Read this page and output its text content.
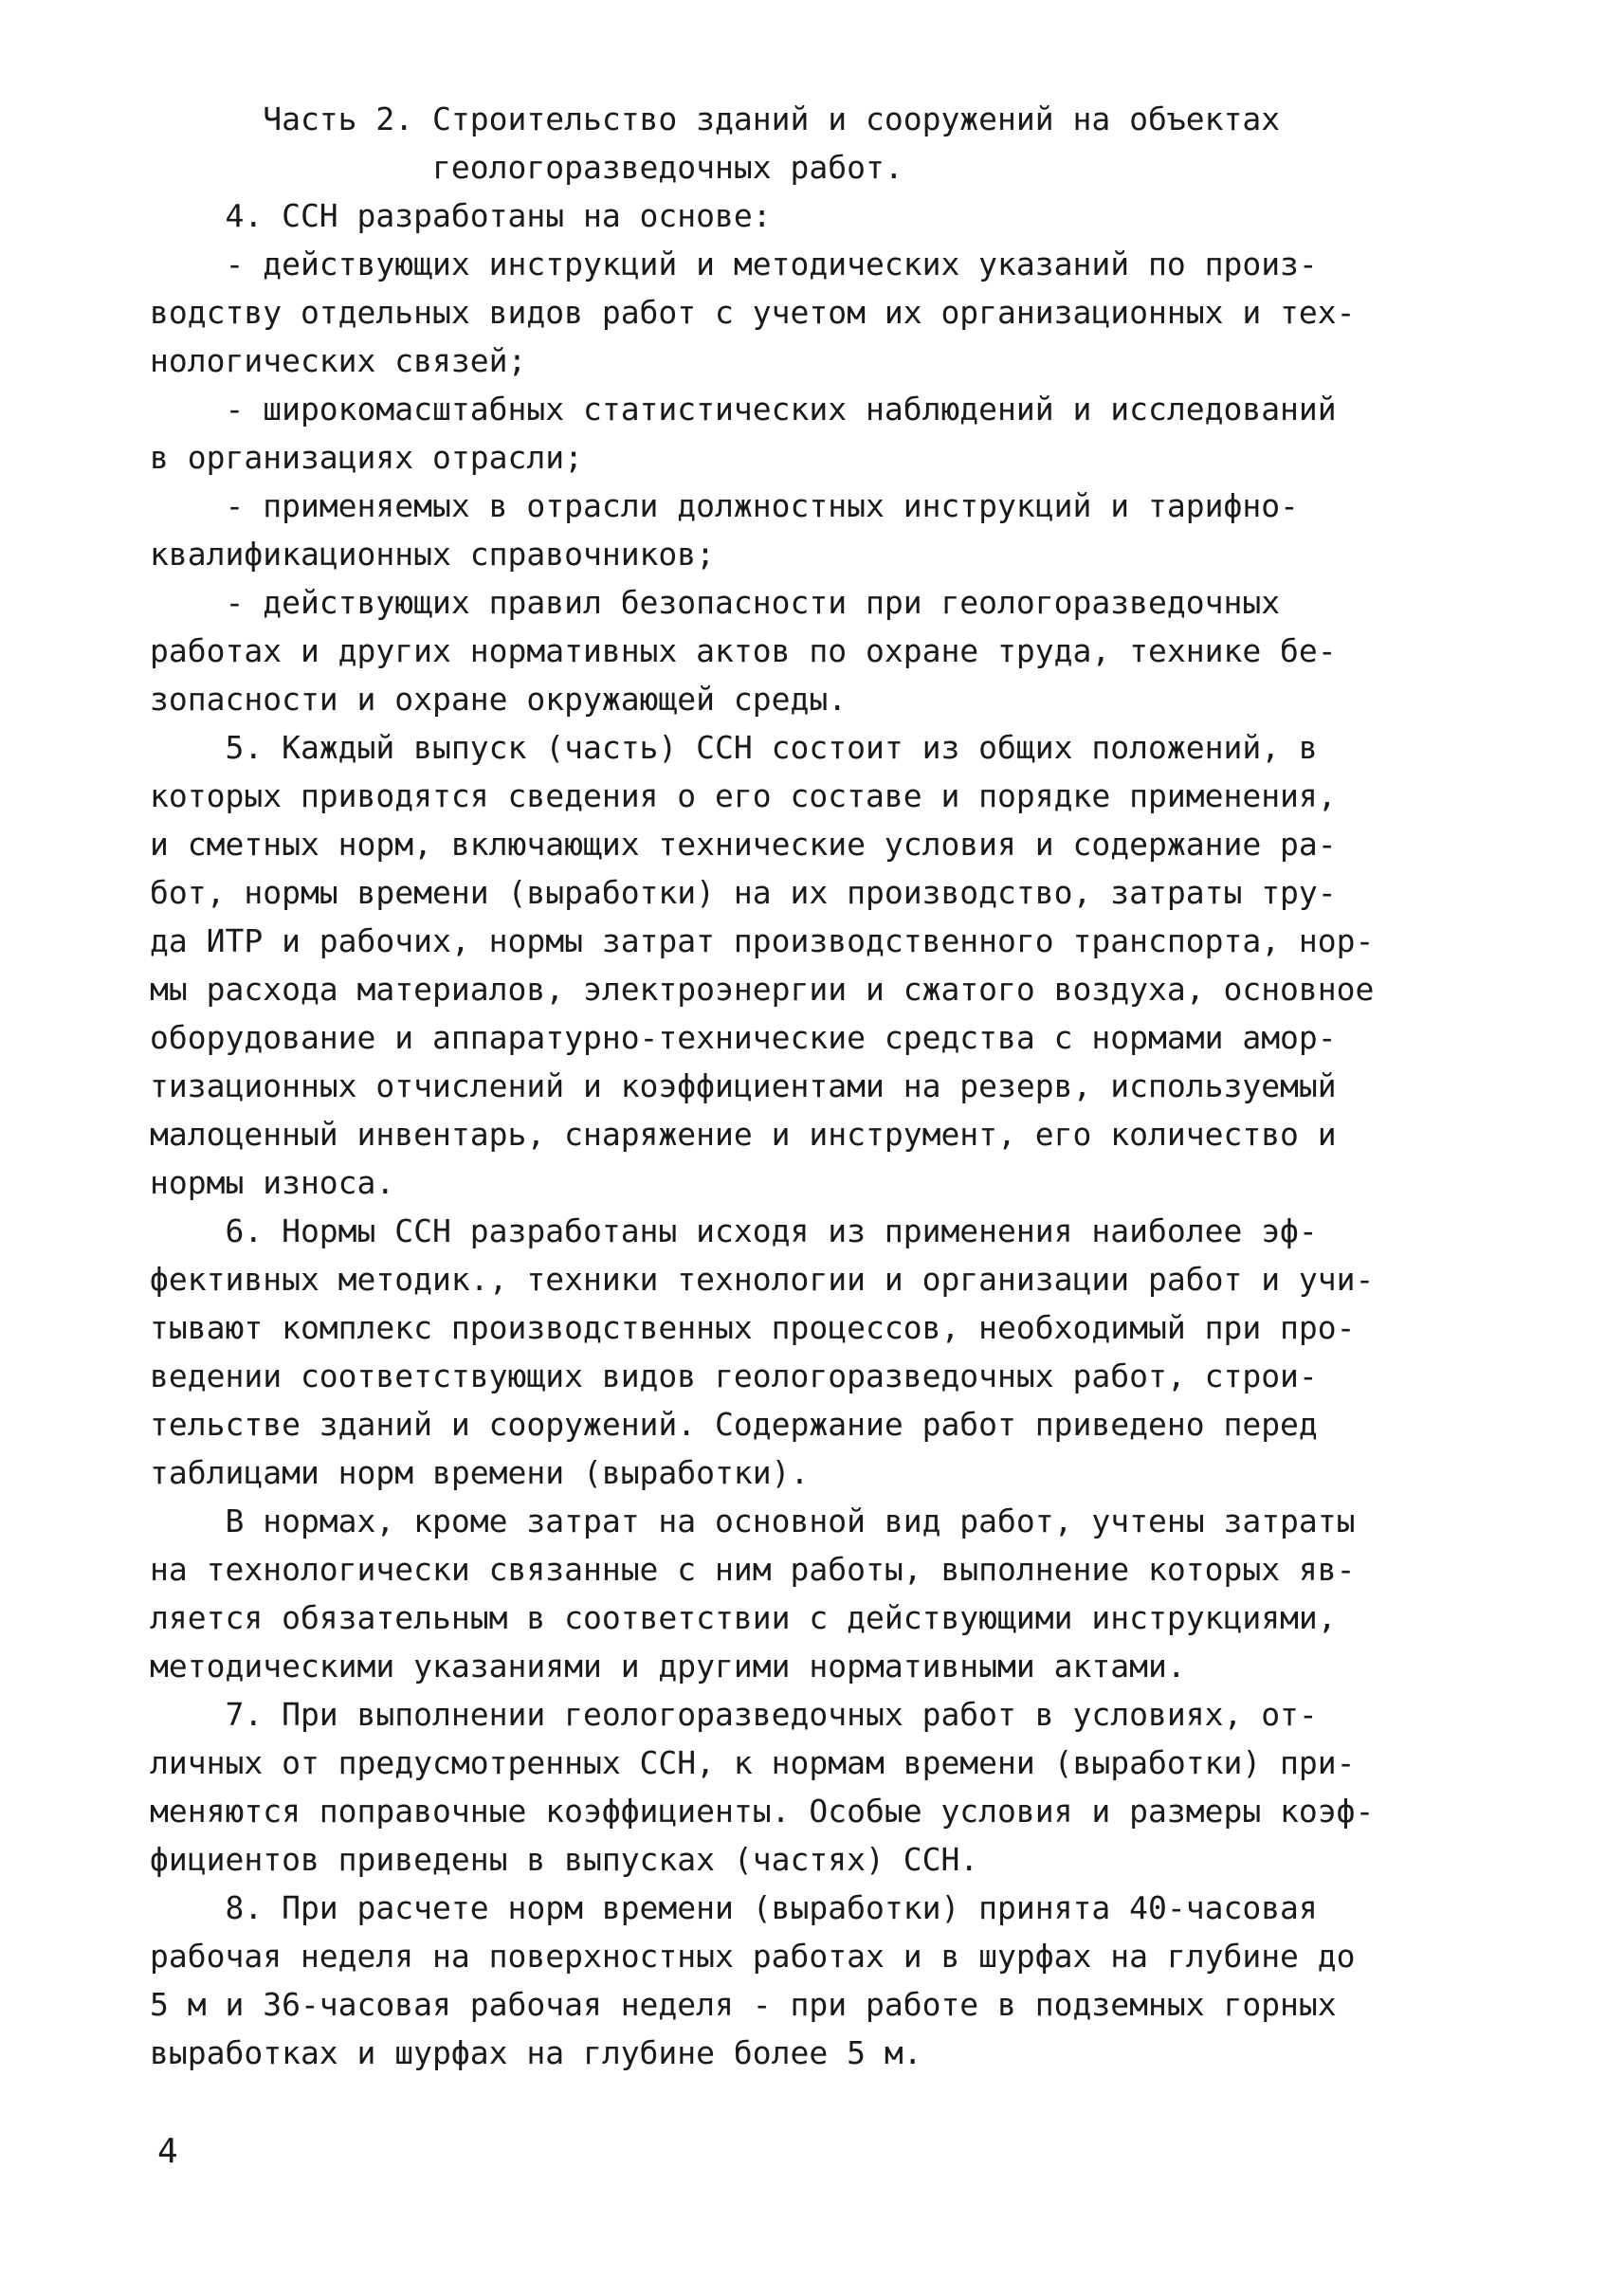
Часть 2. Строительство зданий и сооружений на объектах
геологоразведочных работ.
4. ССН разработаны на основе:
- действующих инструкций и методических указаний по произ-
водству отдельных видов работ с учетом их организационных и тех-
нологических связей;
- широкомасштабных статистических наблюдений и исследований
в организациях отрасли;
- применяемых в отрасли должностных инструкций и тарифно-
квалификационных справочников;
- действующих правил безопасности при геологоразведочных
работах и других нормативных актов по охране труда, технике бе-
зопасности и охране окружающей среды.
5. Каждый выпуск (часть) ССН состоит из общих положений, в
которых приводятся сведения о его составе и порядке применения,
и сметных норм, включающих технические условия и содержание ра-
бот, нормы времени (выработки) на их производство, затраты тру-
да ИТР и рабочих, нормы затрат производственного транспорта, нор-
мы расхода материалов, электроэнергии и сжатого воздуха, основное
оборудование и аппаратурно-технические средства с нормами амор-
тизационных отчислений и коэффициентами на резерв, используемый
малоценный инвентарь, снаряжение и инструмент, его количество и
нормы износа.
6. Нормы ССН разработаны исходя из применения наиболее эф-
фективных методик., техники технологии и организации работ и учи-
тывают комплекс производственных процессов, необходимый при про-
ведении соответствующих видов геологоразведочных работ, строи-
тельстве зданий и сооружений. Содержание работ приведено перед
таблицами норм времени (выработки).
В нормах, кроме затрат на основной вид работ, учтены затраты
на технологически связанные с ним работы, выполнение которых яв-
ляется обязательным в соответствии с действующими инструкциями,
методическими указаниями и другими нормативными актами.
7. При выполнении геологоразведочных работ в условиях, от-
личных от предусмотренных ССН, к нормам времени (выработки) при-
меняются поправочные коэффициенты. Особые условия и размеры коэф-
фициентов приведены в выпусках (частях) ССН.
8. При расчете норм времени (выработки) принята 40-часовая
рабочая неделя на поверхностных работах и в шурфах на глубине до
5 м и 36-часовая рабочая неделя - при работе в подземных горных
выработках и шурфах на глубине более 5 м.
4
